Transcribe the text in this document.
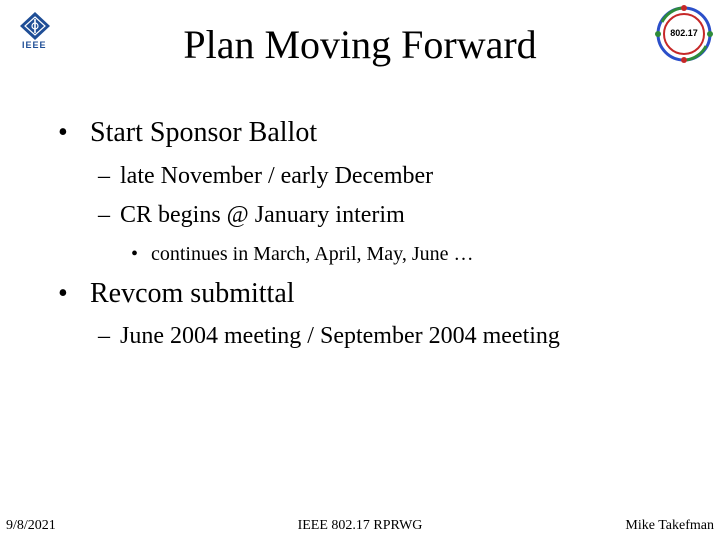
IEEE
802.17
Plan Moving Forward
• Start Sponsor Ballot
– late November / early December
– CR begins @ January interim
• continues in March, April, May, June …
• Revcom submittal
– June 2004 meeting / September 2004 meeting
9/8/2021	IEEE 802.17 RPRWG	Mike Takefman
